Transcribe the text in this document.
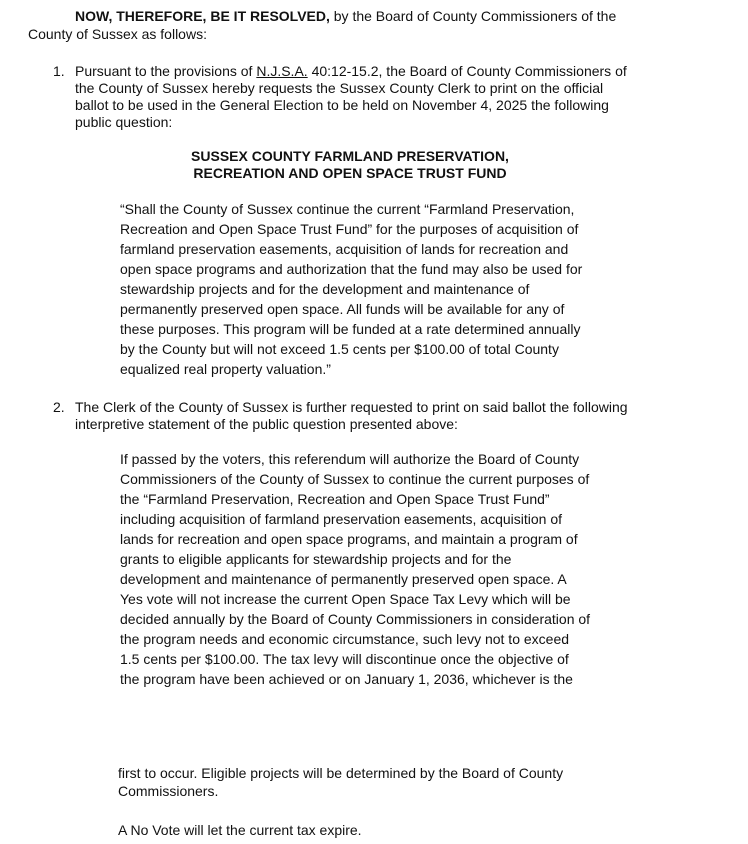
NOW, THEREFORE, BE IT RESOLVED, by the Board of County Commissioners of the
County of Sussex as follows:
1. Pursuant to the provisions of N.J.S.A. 40:12-15.2, the Board of County Commissioners of
the County of Sussex hereby requests the Sussex County Clerk to print on the official
ballot to be used in the General Election to be held on November 4, 2025 the following
public question:
SUSSEX COUNTY FARMLAND PRESERVATION,
RECREATION AND OPEN SPACE TRUST FUND
“Shall the County of Sussex continue the current “Farmland Preservation,
Recreation and Open Space Trust Fund” for the purposes of acquisition of
farmland preservation easements, acquisition of lands for recreation and
open space programs and authorization that the fund may also be used for
stewardship projects and for the development and maintenance of
permanently preserved open space. All funds will be available for any of
these purposes. This program will be funded at a rate determined annually
by the County but will not exceed 1.5 cents per $100.00 of total County
equalized real property valuation.”
2. The Clerk of the County of Sussex is further requested to print on said ballot the following
interpretive statement of the public question presented above:
If passed by the voters, this referendum will authorize the Board of County
Commissioners of the County of Sussex to continue the current purposes of
the “Farmland Preservation, Recreation and Open Space Trust Fund”
including acquisition of farmland preservation easements, acquisition of
lands for recreation and open space programs, and maintain a program of
grants to eligible applicants for stewardship projects and for the
development and maintenance of permanently preserved open space. A
Yes vote will not increase the current Open Space Tax Levy which will be
decided annually by the Board of County Commissioners in consideration of
the program needs and economic circumstance, such levy not to exceed
1.5 cents per $100.00. The tax levy will discontinue once the objective of
the program have been achieved or on January 1, 2036, whichever is the
first to occur. Eligible projects will be determined by the Board of County
Commissioners.
A No Vote will let the current tax expire.
